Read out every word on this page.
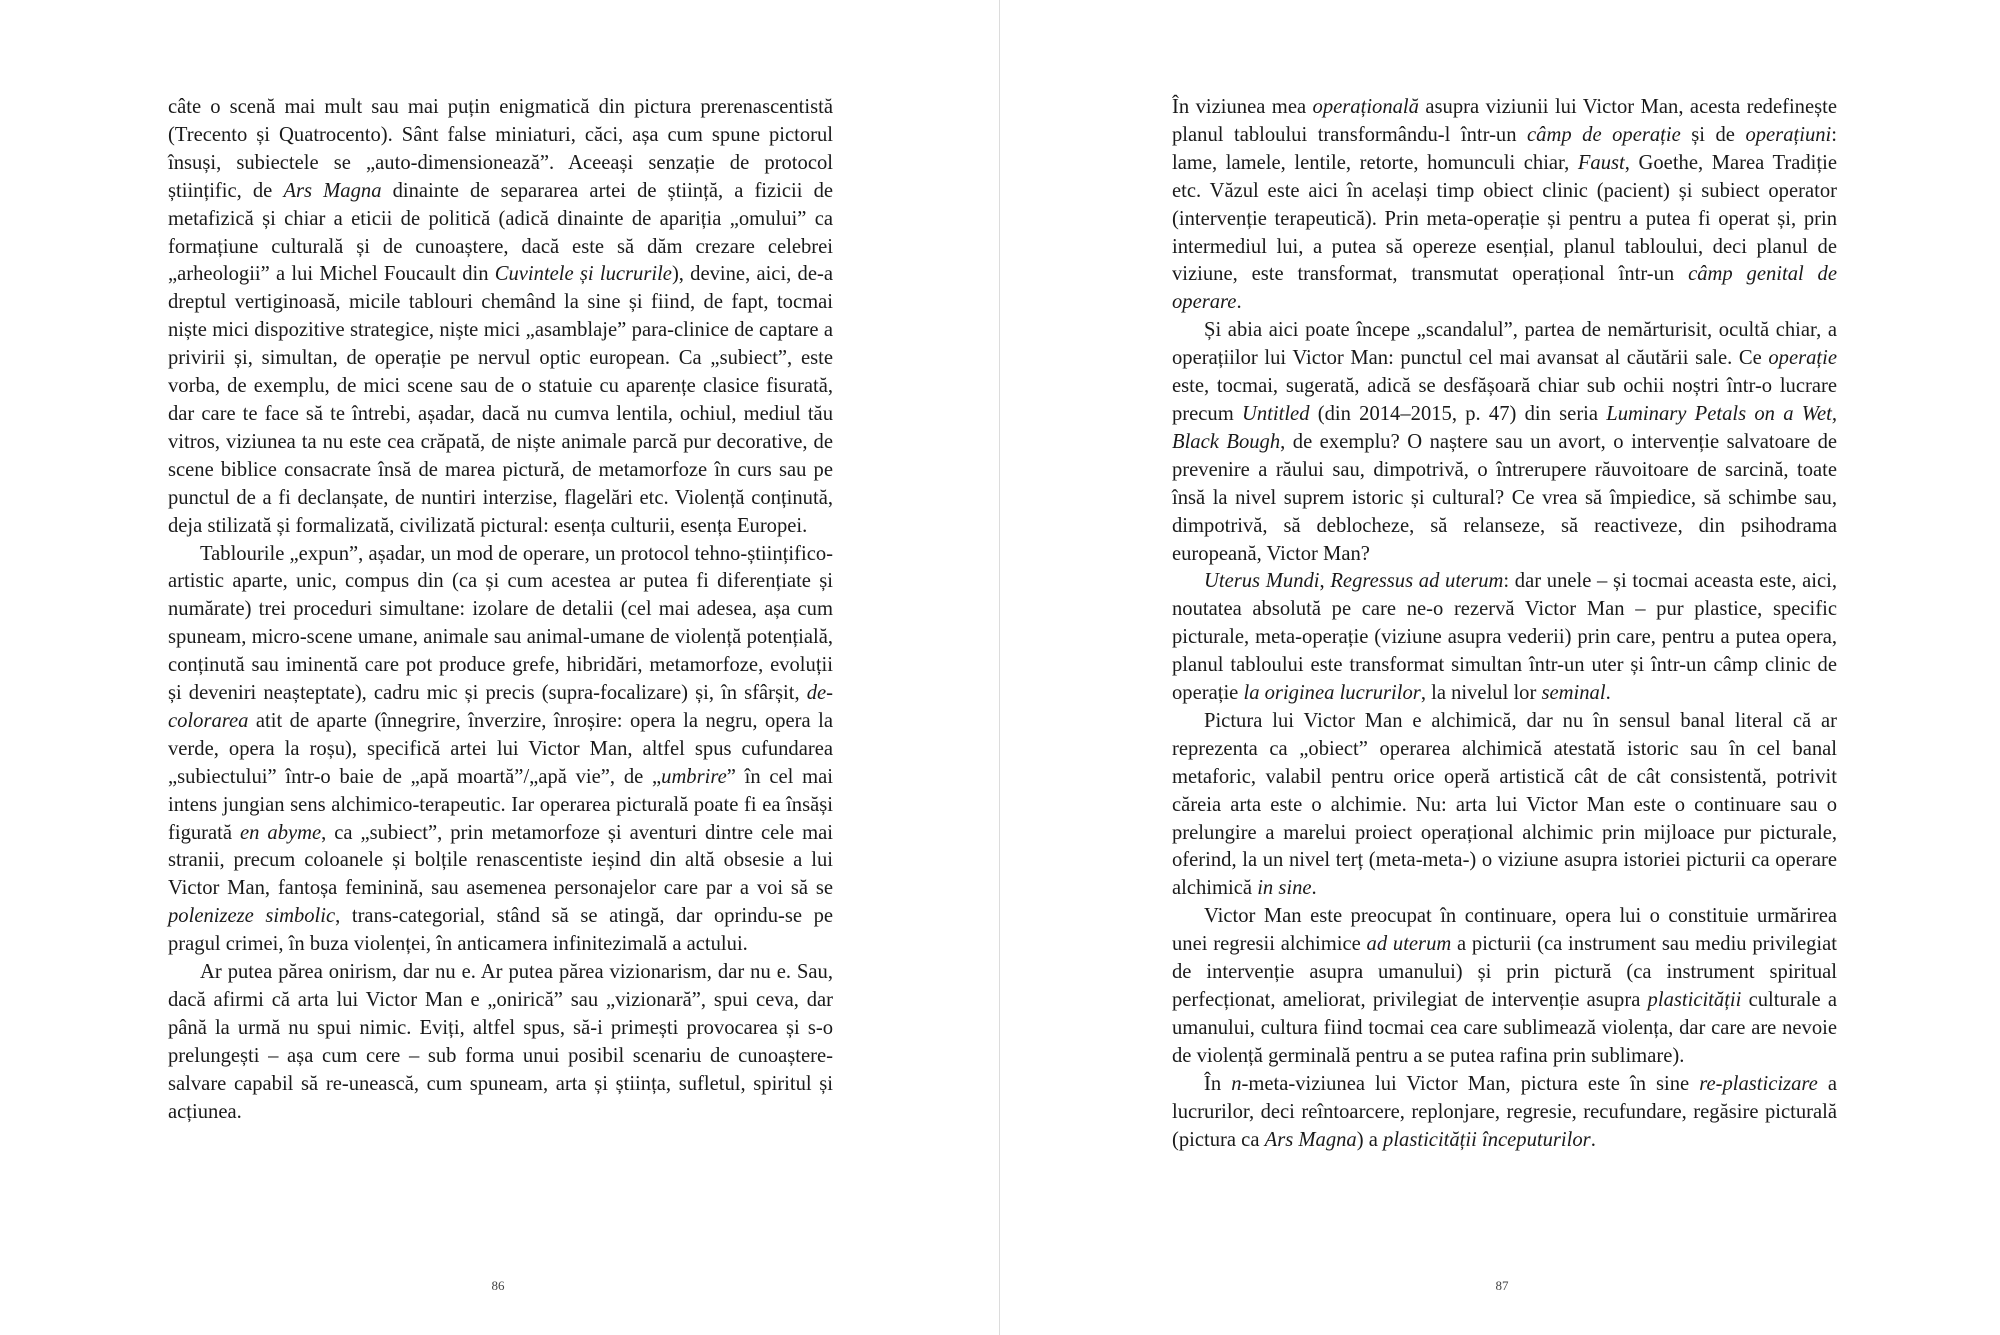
câte o scenă mai mult sau mai puțin enigmatică din pictura prerenascentistă (Trecento și Quatrocento). Sânt false miniaturi, căci, așa cum spune pictorul însuși, subiectele se „auto-dimensionează”. Aceeași senzație de protocol științific, de Ars Magna dinainte de separarea artei de știință, a fizicii de metafizică și chiar a eticii de politică (adică dinainte de apariția „omului” ca formațiune culturală și de cunoaștere, dacă este să dăm crezare celebrei „arheologii” a lui Michel Foucault din Cuvintele și lucrurile), devine, aici, de-a dreptul vertiginoasă, micile tablouri chemând la sine și fiind, de fapt, tocmai niște mici dispozitive strategice, niște mici „asamblaje” para-clinice de captare a privirii și, simultan, de operație pe nervul optic european. Ca „subiect”, este vorba, de exemplu, de mici scene sau de o statuie cu aparențe clasice fisurată, dar care te face să te întrebi, așadar, dacă nu cumva lentila, ochiul, mediul tău vitros, viziunea ta nu este cea crăpată, de niște animale parcă pur decorative, de scene biblice consacrate însă de marea pictură, de metamorfoze în curs sau pe punctul de a fi declanșate, de nuntiri interzise, flagelări etc. Violență conținută, deja stilizată și formalizată, civilizată pictural: esența culturii, esența Europei.

Tablourile „expun”, așadar, un mod de operare, un protocol tehno-științifico-artistic aparte, unic, compus din (ca și cum acestea ar putea fi diferențiate și numărate) trei proceduri simultane: izolare de detalii (cel mai adesea, așa cum spuneam, micro-scene umane, animale sau animal-umane de violență potențială, conținută sau iminentă care pot produce grefe, hibridări, metamorfoze, evoluții și deveniri neașteptate), cadru mic și precis (supra-focalizare) și, în sfârșit, de-colorarea atit de aparte (înnegrire, înverzire, înroșire: opera la negru, opera la verde, opera la roșu), specifică artei lui Victor Man, altfel spus cufundarea „subiectului” într-o baie de „apă moartă”/„apă vie”, de „umbrire” în cel mai intens jungian sens alchimico-terapeutic. Iar operarea picturală poate fi ea însăși figurată en abyme, ca „subiect”, prin metamorfoze și aventuri dintre cele mai stranii, precum coloanele și bolțile renascentiste ieșind din altă obsesie a lui Victor Man, fantoșa feminină, sau asemenea personajelor care par a voi să se polenizeze simbolic, trans-categorial, stând să se atingă, dar oprindu-se pe pragul crimei, în buza violenței, în anticamera infinitezimală a actului.

Ar putea părea onirism, dar nu e. Ar putea părea vizionarism, dar nu e. Sau, dacă afirmi că arta lui Victor Man e „onirică” sau „vizionară”, spui ceva, dar până la urmă nu spui nimic. Eviți, altfel spus, să-i primești provocarea și s-o prelungești – așa cum cere – sub forma unui posibil scenariu de cunoaștere-salvare capabil să re-unească, cum spuneam, arta și știința, sufletul, spiritul și acțiunea.

86

În viziunea mea operațională asupra viziunii lui Victor Man, acesta redefinește planul tabloului transformându-l într-un câmp de operație și de operațiuni: lame, lamele, lentile, retorte, homunculi chiar, Faust, Goethe, Marea Tradiție etc. Văzul este aici în același timp obiect clinic (pacient) și subiect operator (intervenție terapeutică). Prin meta-operație și pentru a putea fi operat și, prin intermediul lui, a putea să opereze esențial, planul tabloului, deci planul de viziune, este transformat, transmutat operațional într-un câmp genital de operare.

Și abia aici poate începe „scandalul”, partea de nemărturisit, ocultă chiar, a operațiilor lui Victor Man: punctul cel mai avansat al căutării sale. Ce operație este, tocmai, sugerată, adică se desfășoară chiar sub ochii noștri într-o lucrare precum Untitled (din 2014–2015, p. 47) din seria Luminary Petals on a Wet, Black Bough, de exemplu? O naștere sau un avort, o intervenție salvatoare de prevenire a răului sau, dimpotrivă, o întrerupere răuvoitoare de sarcină, toate însă la nivel suprem istoric și cultural? Ce vrea să împiedice, să schimbe sau, dimpotrivă, să deblocheze, să relanseze, să reactiveze, din psihodrama europeană, Victor Man?

Uterus Mundi, Regressus ad uterum: dar unele – și tocmai aceasta este, aici, noutatea absolută pe care ne-o rezervă Victor Man – pur plastice, specific picturale, meta-operație (viziune asupra vederii) prin care, pentru a putea opera, planul tabloului este transformat simultan într-un uter și într-un câmp clinic de operație la originea lucrurilor, la nivelul lor seminal.

Pictura lui Victor Man e alchimică, dar nu în sensul banal literal că ar reprezenta ca „obiect” operarea alchimică atestată istoric sau în cel banal metaforic, valabil pentru orice operă artistică cât de cât consistentă, potrivit căreia arta este o alchimie. Nu: arta lui Victor Man este o continuare sau o prelungire a marelui proiect operațional alchimic prin mijloace pur picturale, oferind, la un nivel terț (meta-meta-) o viziune asupra istoriei picturii ca operare alchimică in sine.

Victor Man este preocupat în continuare, opera lui o constituie urmărirea unei regresii alchimice ad uterum a picturii (ca instrument sau mediu privilegiat de intervenție asupra umanului) și prin pictură (ca instrument spiritual perfecționat, ameliorat, privilegiat de intervenție asupra plasticității culturale a umanului, cultura fiind tocmai cea care sublimează violența, dar care are nevoie de violență germinală pentru a se putea rafina prin sublimare).

În n-meta-viziunea lui Victor Man, pictura este în sine re-plasticizare a lucrurilor, deci reîntoarcere, replonjare, regresie, recufundare, regăsire picturală (pictura ca Ars Magna) a plasticității începuturilor.

87
